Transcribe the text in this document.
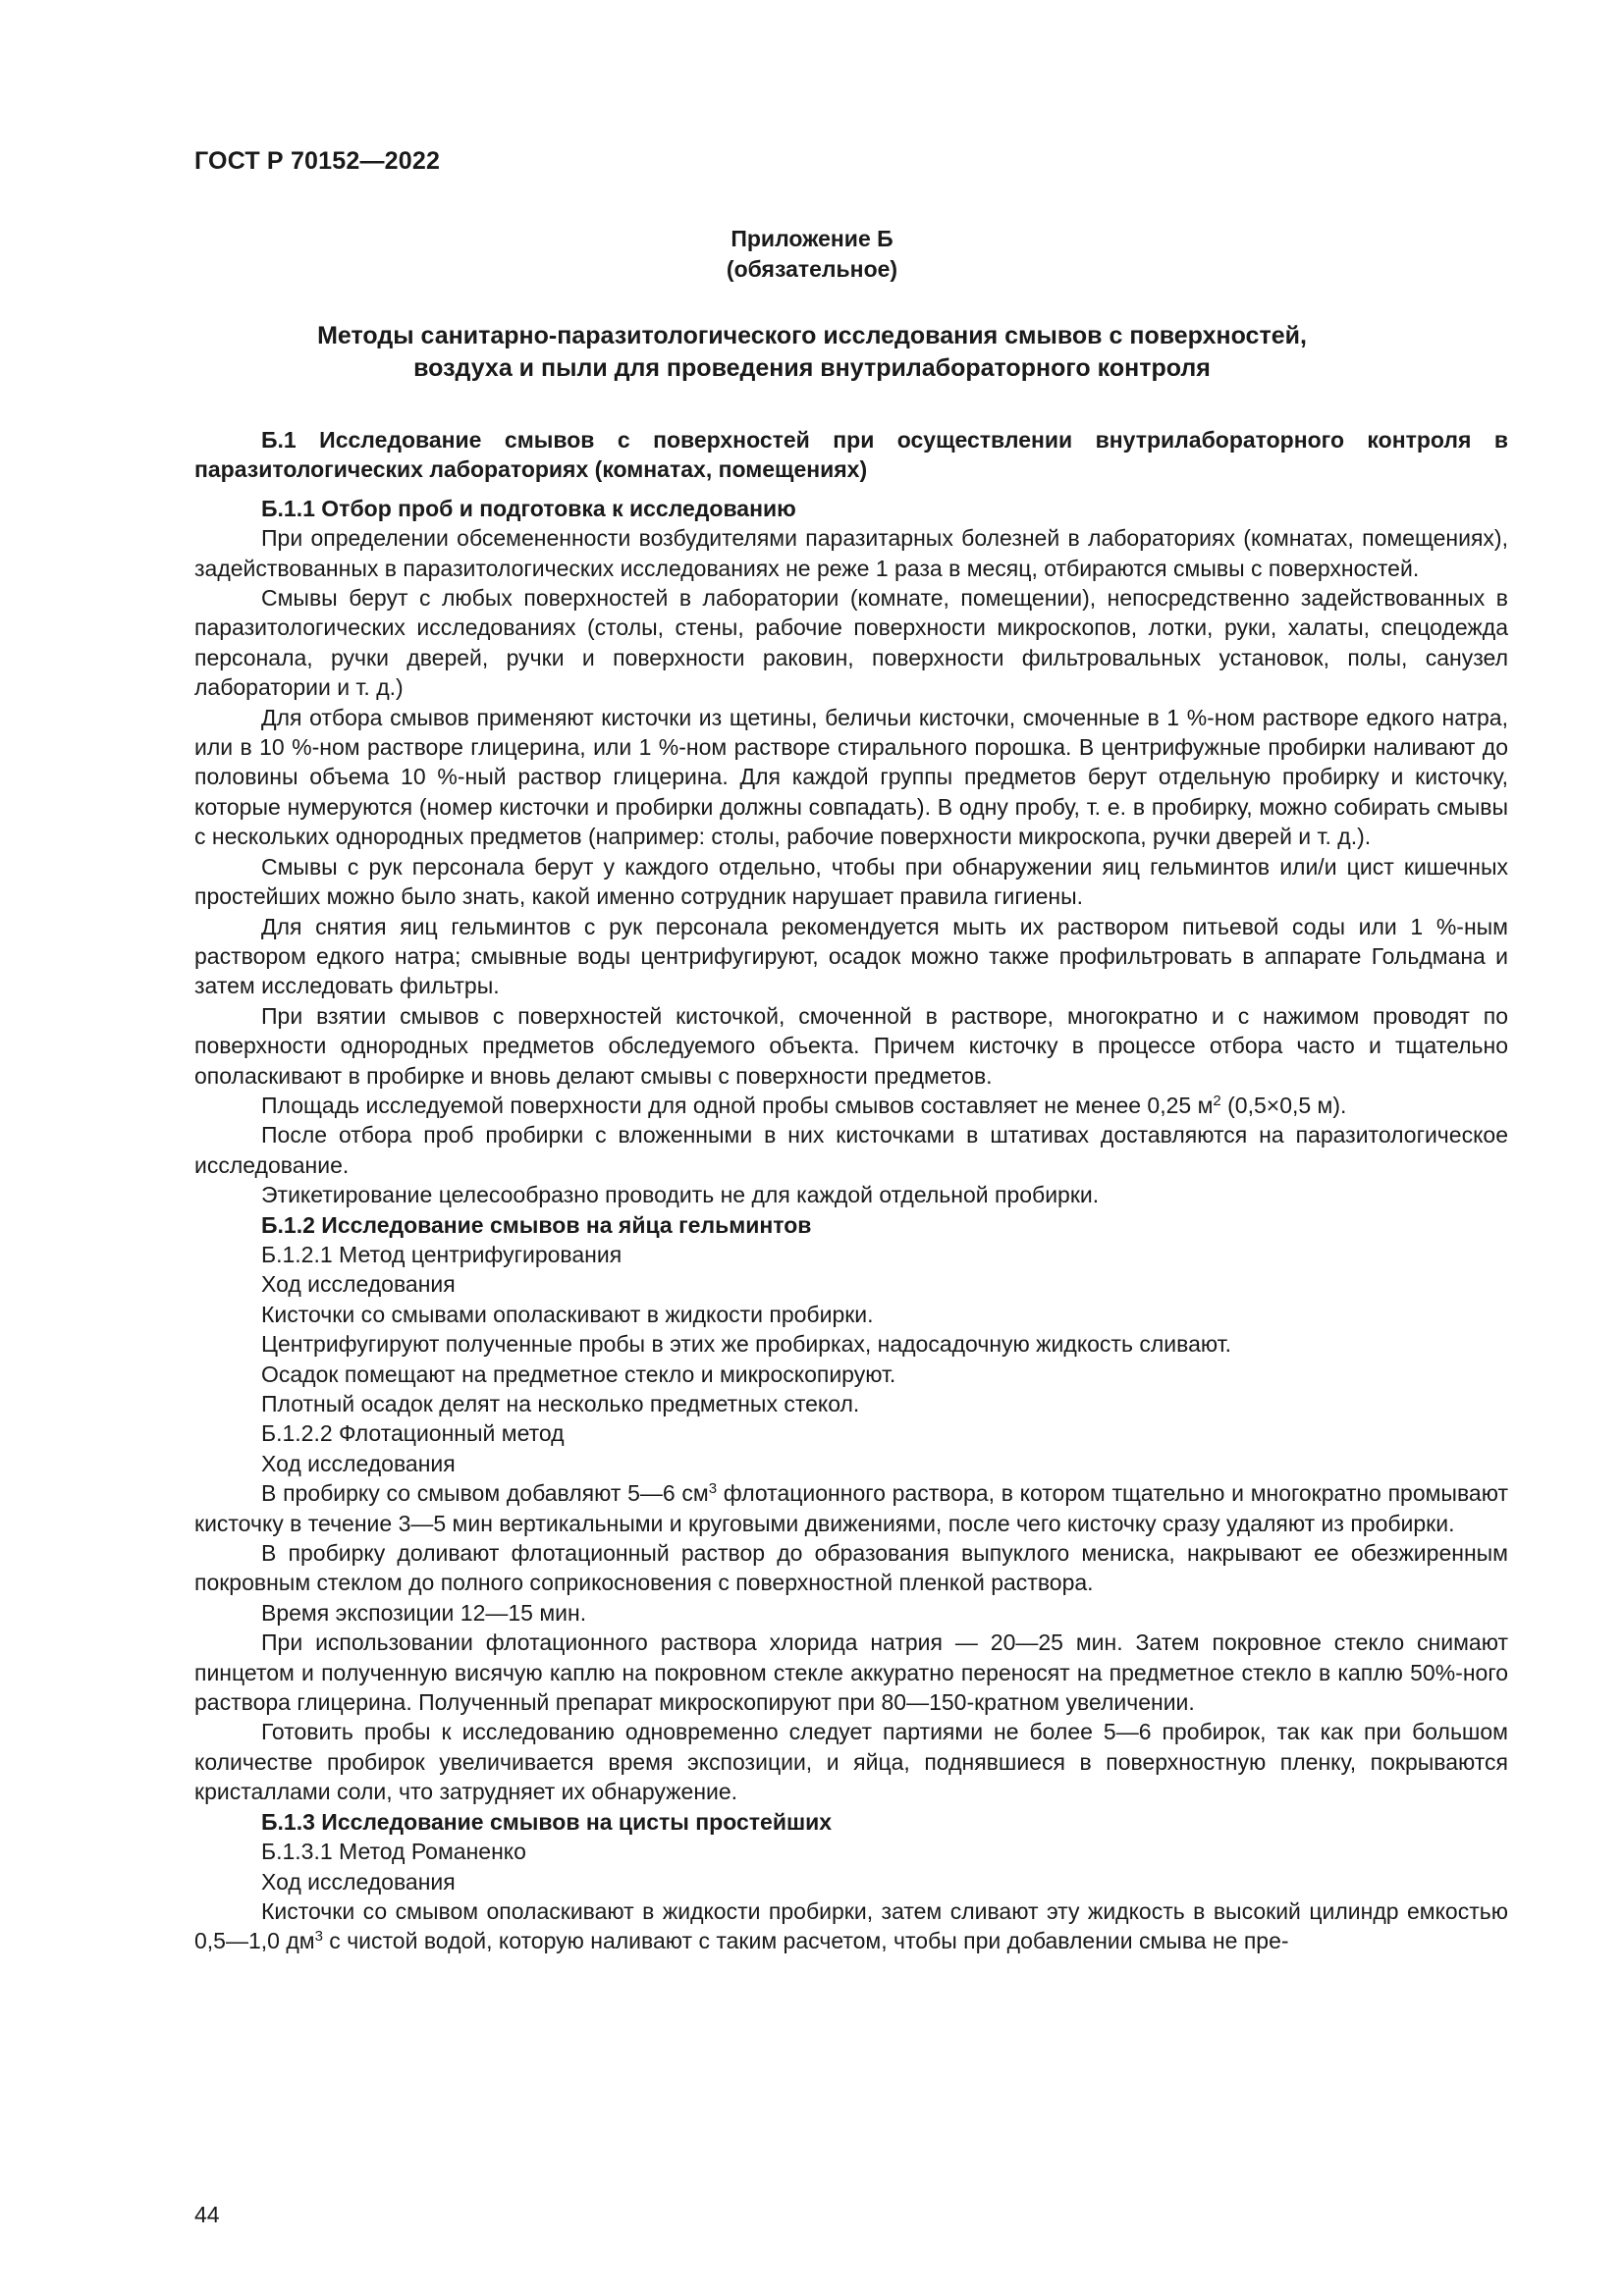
ГОСТ Р 70152—2022
Приложение Б
(обязательное)
Методы санитарно-паразитологического исследования смывов с поверхностей,
воздуха и пыли для проведения внутрилабораторного контроля

Б.1 Исследование смывов с поверхностей при осуществлении внутрилабораторного контроля в паразитологических лабораториях (комнатах, помещениях)

Б.1.1 Отбор проб и подготовка к исследованию

При определении обсемененности возбудителями паразитарных болезней в лабораториях (комнатах, помещениях), задействованных в паразитологических исследованиях не реже 1 раза в месяц, отбираются смывы с поверхностей.

Смывы берут с любых поверхностей в лаборатории (комнате, помещении), непосредственно задействованных в паразитологических исследованиях (столы, стены, рабочие поверхности микроскопов, лотки, руки, халаты, спецодежда персонала, ручки дверей, ручки и поверхности раковин, поверхности фильтровальных установок, полы, санузел лаборатории и т. д.)

Для отбора смывов применяют кисточки из щетины, беличьи кисточки, смоченные в 1 %-ном растворе едкого натра, или в 10 %-ном растворе глицерина, или 1 %-ном растворе стирального порошка. В центрифужные пробирки наливают до половины объема 10 %-ный раствор глицерина. Для каждой группы предметов берут отдельную пробирку и кисточку, которые нумеруются (номер кисточки и пробирки должны совпадать). В одну пробу, т. е. в пробирку, можно собирать смывы с нескольких однородных предметов (например: столы, рабочие поверхности микроскопа, ручки дверей и т. д.).

Смывы с рук персонала берут у каждого отдельно, чтобы при обнаружении яиц гельминтов или/и цист кишечных простейших можно было знать, какой именно сотрудник нарушает правила гигиены.

Для снятия яиц гельминтов с рук персонала рекомендуется мыть их раствором питьевой соды или 1 %-ным раствором едкого натра; смывные воды центрифугируют, осадок можно также профильтровать в аппарате Гольдмана и затем исследовать фильтры.

При взятии смывов с поверхностей кисточкой, смоченной в растворе, многократно и с нажимом проводят по поверхности однородных предметов обследуемого объекта. Причем кисточку в процессе отбора часто и тщательно ополаскивают в пробирке и вновь делают смывы с поверхности предметов.

Площадь исследуемой поверхности для одной пробы смывов составляет не менее 0,25 $м^2$ (0,5×0,5 м).

После отбора проб пробирки с вложенными в них кисточками в штативах доставляются на паразитологическое исследование.

Этикетирование целесообразно проводить не для каждой отдельной пробирки.

Б.1.2 Исследование смывов на яйца гельминтов

Б.1.2.1 Метод центрифугирования

Ход исследования

Кисточки со смывами ополаскивают в жидкости пробирки.

Центрифугируют полученные пробы в этих же пробирках, надосадочную жидкость сливают.

Осадок помещают на предметное стекло и микроскопируют.

Плотный осадок делят на несколько предметных стекол.

Б.1.2.2 Флотационный метод

Ход исследования

В пробирку со смывом добавляют 5—6 $см^3$ флотационного раствора, в котором тщательно и многократно промывают кисточку в течение 3—5 мин вертикальными и круговыми движениями, после чего кисточку сразу удаляют из пробирки.

В пробирку доливают флотационный раствор до образования выпуклого мениска, накрывают ее обезжиренным покровным стеклом до полного соприкосновения с поверхностной пленкой раствора.

Время экспозиции 12—15 мин.

При использовании флотационного раствора хлорида натрия — 20—25 мин. Затем покровное стекло снимают пинцетом и полученную висячую каплю на покровном стекле аккуратно переносят на предметное стекло в каплю 50%-ного раствора глицерина. Полученный препарат микроскопируют при 80—150-кратном увеличении.

Готовить пробы к исследованию одновременно следует партиями не более 5—6 пробирок, так как при большом количестве пробирок увеличивается время экспозиции, и яйца, поднявшиеся в поверхностную пленку, покрываются кристаллами соли, что затрудняет их обнаружение.

Б.1.3 Исследование смывов на цисты простейших

Б.1.3.1 Метод Романенко

Ход исследования

Кисточки со смывом ополаскивают в жидкости пробирки, затем сливают эту жидкость в высокий цилиндр емкостью 0,5—1,0 $дм^3$ с чистой водой, которую наливают с таким расчетом, чтобы при добавлении смыва не пре-

44
